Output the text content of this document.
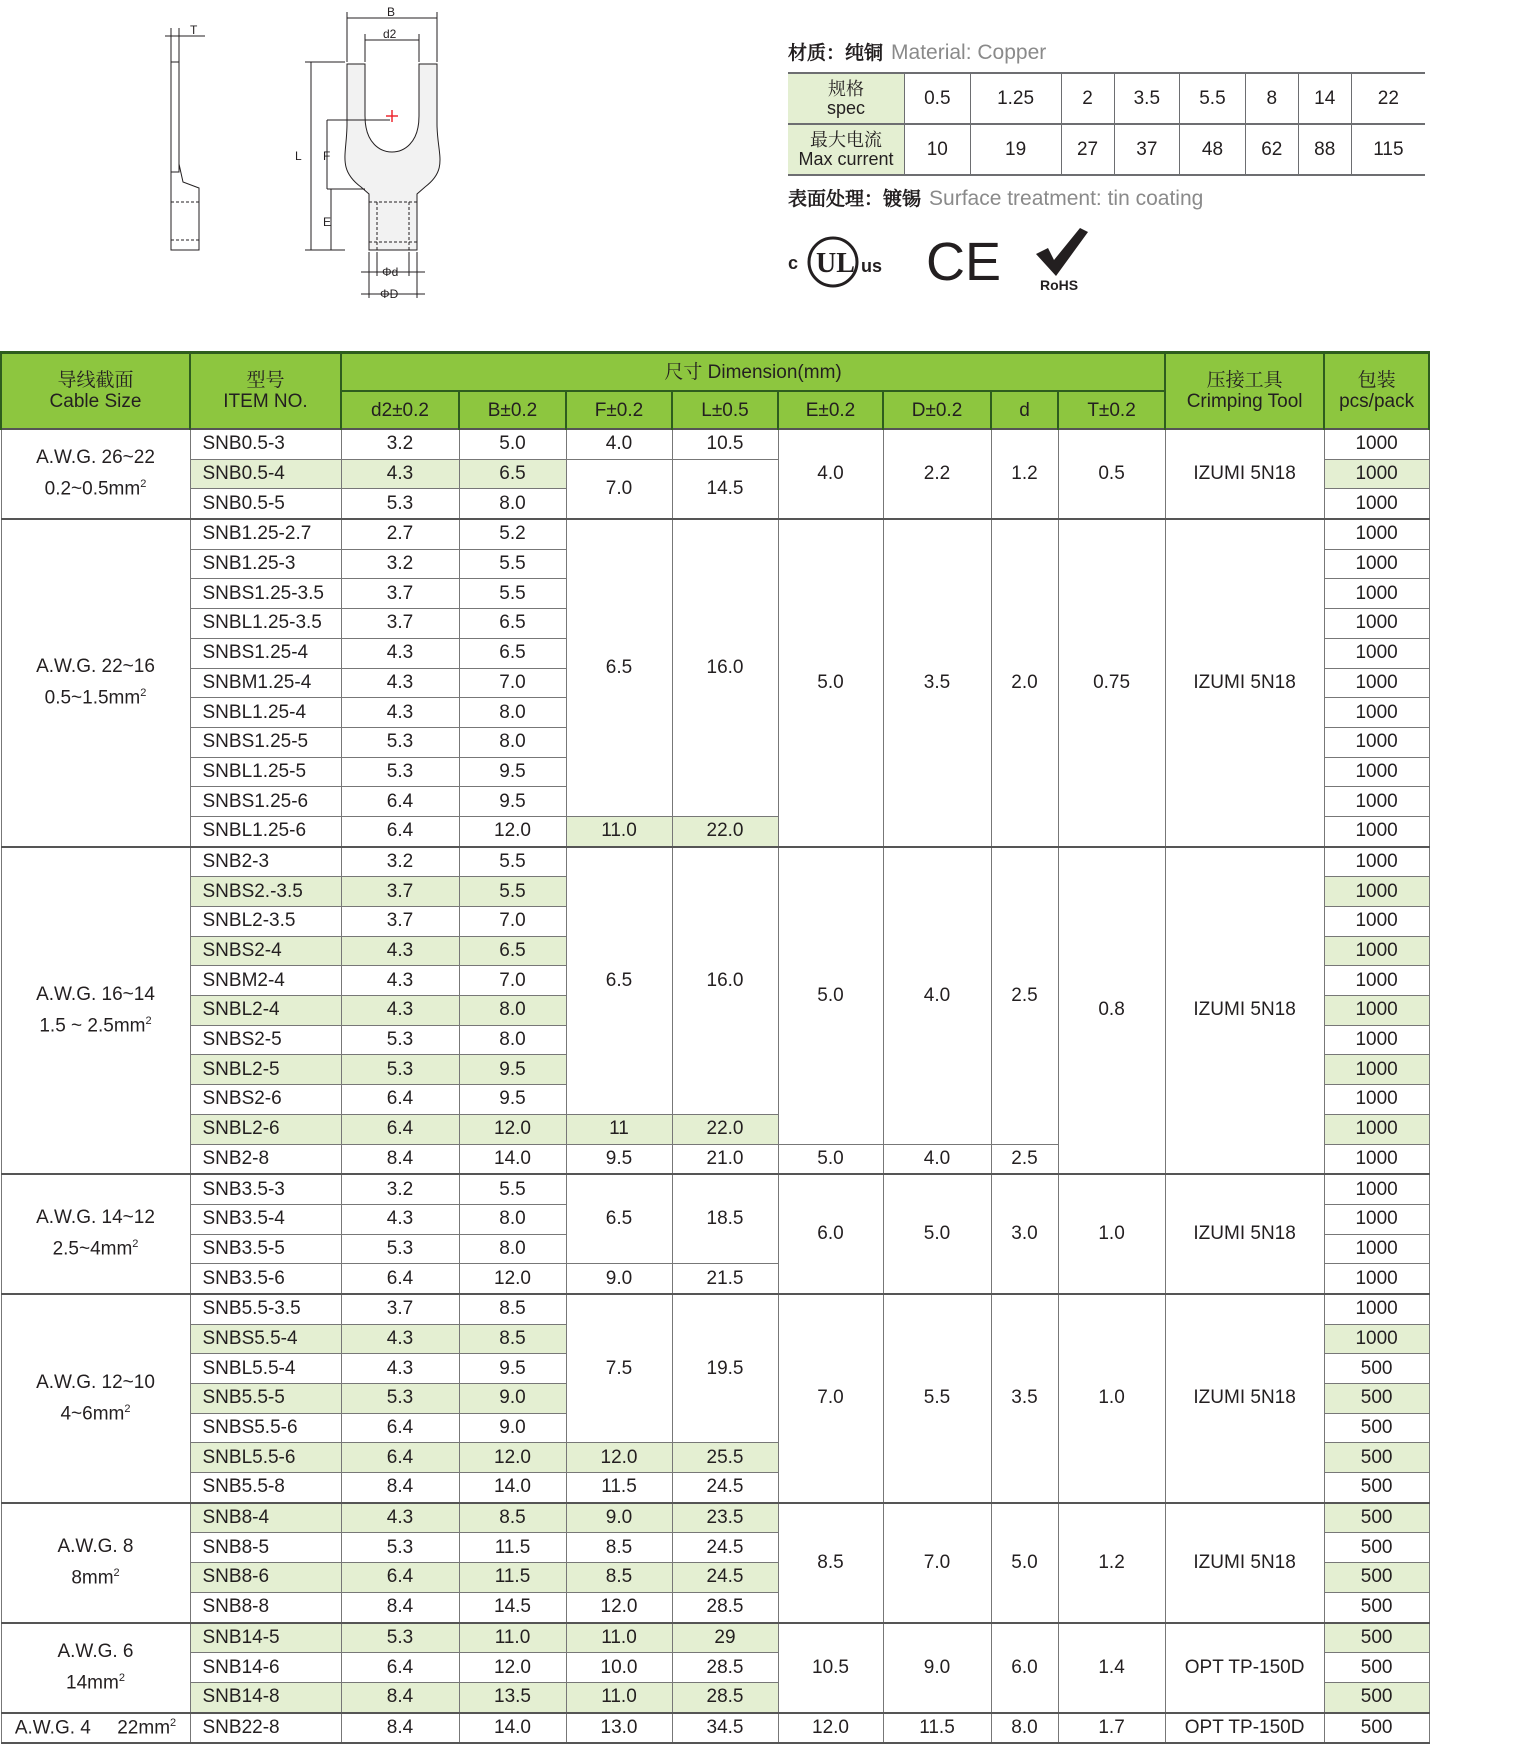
T
B
d2
L F
E
Φd
ΦD
材质：纯铜 Material: Copper
规格
spec	0.5	1.25	2	3.5	5.5	8	14	22
最大电流
Max current	10	19	27	37	48	62	88	115
表面处理：镀锡 Surface treatment: tin coating
c UL us CE	RoHS
导线截面
Cable Size	型号
ITEM NO.	尺寸 Dimension(mm)								压接工具
Crimping Tool	包装
pcs/pack
		d2±0.2	B±0.2	F±0.2	L±0.5	E±0.2	D±0.2	d	T±0.2		
A.W.G. 26~22
$0.2\sim 0.5mm^2$	SNB0.5-3	3.2	5.0	4.0	10.5	4.0	2.2	1.2	0.5	IZUMI 5N18	1000
	SNB0.5-4	4.3	6.5	7.0	14.5						1000
	SNB0.5-5	5.3	8.0								1000
A.W.G. 22~16
$0.5\sim 1.5mm^2$	SNB1.25-2.7	2.7	5.2	6.5	16.0	5.0	3.5	2.0	0.75	IZUMI 5N18	1000
	SNB1.25-3	3.2	5.5								1000
	SNBS1.25-3.5	3.7	5.5								1000
	SNBL1.25-3.5	3.7	6.5								1000
	SNBS1.25-4	4.3	6.5								1000
	SNBM1.25-4	4.3	7.0								1000
	SNBL1.25-4	4.3	8.0								1000
	SNBS1.25-5	5.3	8.0								1000
	SNBL1.25-5	5.3	9.5								1000
	SNBS1.25-6	6.4	9.5								1000
	SNBL1.25-6	6.4	12.0	11.0	22.0						1000
A.W.G. 16~14
1.5 ~ $2.5mm^2$	SNB2-3	3.2	5.5	6.5	16.0	5.0	4.0	2.5	0.8	IZUMI 5N18	1000
	SNBS2.-3.5	3.7	5.5								1000
	SNBL2-3.5	3.7	7.0								1000
	SNBS2-4	4.3	6.5								1000
	SNBM2-4	4.3	7.0								1000
	SNBL2-4	4.3	8.0								1000
	SNBS2-5	5.3	8.0								1000
	SNBL2-5	5.3	9.5								1000
	SNBS2-6	6.4	9.5								1000
	SNBL2-6	6.4	12.0	11	22.0						1000
	SNB2-8	8.4	14.0	9.5	21.0	5.0	4.0	2.5			1000
A.W.G. 14~12
$2.5\sim 4mm^2$	SNB3.5-3	3.2	5.5	6.5	18.5	6.0	5.0	3.0	1.0	IZUMI 5N18	1000
	SNB3.5-4	4.3	8.0								1000
	SNB3.5-5	5.3	8.0								1000
	SNB3.5-6	6.4	12.0	9.0	21.5						1000
A.W.G. 12~10
$4\sim 6mm^2$	SNB5.5-3.5	3.7	8.5	7.5	19.5	7.0	5.5	3.5	1.0	IZUMI 5N18	1000
	SNBS5.5-4	4.3	8.5								1000
	SNBL5.5-4	4.3	9.5								500
	SNB5.5-5	5.3	9.0								500
	SNBS5.5-6	6.4	9.0								500
	SNBL5.5-6	6.4	12.0	12.0	25.5						500
	SNB5.5-8	8.4	14.0	11.5	24.5						500
A.W.G. 8
$8mm^2$	SNB8-4	4.3	8.5	9.0	23.5	8.5	7.0	5.0	1.2	IZUMI 5N18	500
	SNB8-5	5.3	11.5	8.5	24.5						500
	SNB8-6	6.4	11.5	8.5	24.5						500
	SNB8-8	8.4	14.5	12.0	28.5						500
A.W.G. 6
$14mm^2$	SNB14-5	5.3	11.0	11.0	29	10.5	9.0	6.0	1.4	OPT TP-150D	500
	SNB14-6	6.4	12.0	10.0	28.5						500
	SNB14-8	8.4	13.5	11.0	28.5						500
A.W.G. 4     $22mm^2$	SNB22-8	8.4	14.0	13.0	34.5	12.0	11.5	8.0	1.7	OPT TP-150D	500
